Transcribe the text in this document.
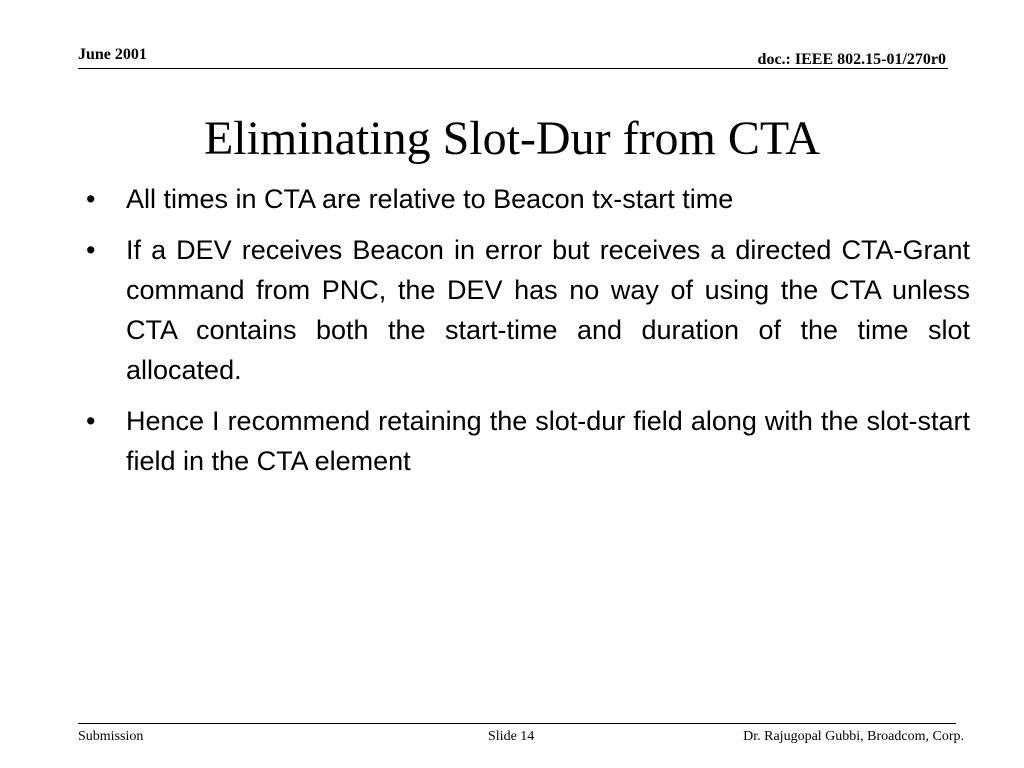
June 2001	doc.: IEEE 802.15-01/270r0
Eliminating Slot-Dur from CTA
•	All times in CTA are relative to Beacon tx-start time
•	If a DEV receives Beacon in error but receives a directed CTA-Grant command from PNC, the DEV has no way of using the CTA unless CTA contains both the start-time and duration of the time slot allocated.
•	Hence I recommend retaining the slot-dur field along with the slot-start field in the CTA element
Submission	Slide 14	Dr. Rajugopal Gubbi, Broadcom, Corp.
